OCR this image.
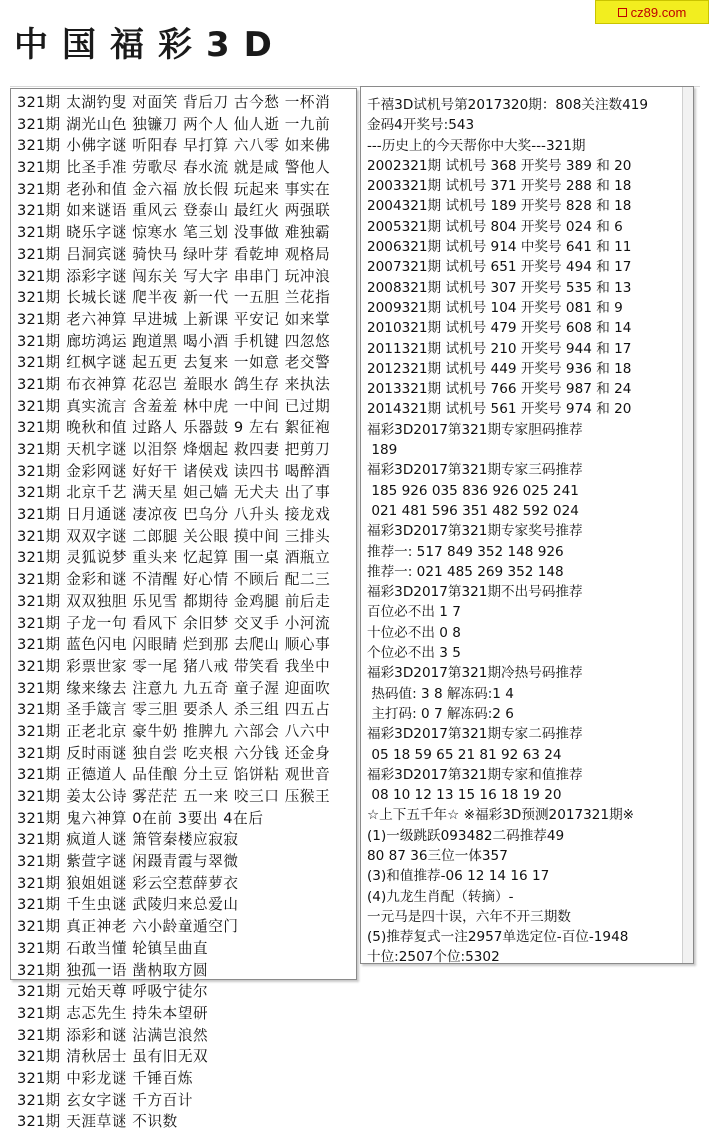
cz89.com
中国福彩3D
321期 太湖钓叟 对面笑 背后刀 古今愁 一杯消
321期 湖光山色 独镰刀 两个人 仙人逝 一九前
321期 小佛字谜 听阳春 早打算 六八零 如来佛
321期 比圣手准 劳歌尽 春水流 就是咸 警他人
321期 老孙和值 金六福 放长假 玩起来 事实在
321期 如来谜语 重风云 登泰山 最红火 两强联
321期 晓乐字谜 惊寒水 笔三划 没事做 难独霸
321期 吕洞宾谜 骑快马 绿叶芽 看乾坤 观格局
321期 添彩字谜 闯东关 写大字 串串门 玩冲浪
321期 长城长谜 爬半夜 新一代 一五胆 兰花指
321期 老六神算 早进城 上新课 平安记 如来掌
321期 廊坊鸿运 跑道黑 喝小酒 手机键 四忽悠
321期 红枫字谜 起五更 去复来 一如意 老交警
321期 布衣神算 花忍岂 羞眼水 鸽生存 来执法
321期 真实流言 含羞羞 林中虎 一中间 已过期
321期 晚秋和值 过路人 乐器鼓 9 左右 絮征袍
321期 天机字谜 以泪祭 烽烟起 救四妻 把剪刀
321期 金彩网谜 好好干 诸侯戏 读四书 喝醉酒
321期 北京千艺 满天星 妲己嫱 无犬夫 出了事
321期 日月通谜 凄凉夜 巴乌分 八升头 接龙戏
321期 双双字谜 二郎腿 关公眼 摸中间 三排头
321期 灵狐说梦 重头来 忆起算 围一桌 酒瓶立
321期 金彩和谜 不清醒 好心情 不顾后 配二三
321期 双双独胆 乐见雪 都期待 金鸡腿 前后走
321期 子龙一句 看风下 余旧梦 交叉手 小河流
321期 蓝色闪电 闪眼睛 烂到那 去爬山 顺心事
321期 彩票世家 零一尾 猪八戒 带笑看 我坐中
321期 缘来缘去 注意九 九五奇 童子渥 迎面吹
321期 圣手箴言 零三胆 要杀人 杀三组 四五占
321期 正老北京 豪牛奶 推脾九 六部会 八六中
321期 反时雨谜 独自尝 吃夹根 六分钱 还金身
321期 正德道人 品佳酿 分土豆 馅饼粘 观世音
321期 姜太公诗 雾茫茫 五一来 咬三口 压猴王
321期 鬼六神算 0在前 3要出 4在后
321期 疯道人谜 箫管秦楼应寂寂
321期 紫萱字谜 闲蹑青霞与翠微
321期 狼姐姐谜 彩云空惹薛萝衣
321期 千生虫谜 武陵归来总爱山
321期 真正神老 六小龄童遁空门
321期 石敢当懂 轮镇呈曲直
321期 独孤一语 凿枘取方圆
321期 元始天尊 呼吸宁徒尔
321期 志忑先生 持朱本望研
321期 添彩和谜 沾满岂浪然
321期 清秋居士 虽有旧无双
321期 中彩龙谜 千锤百炼
321期 玄女字谜 千方百计
321期 天涯草谜 不识数
千禧3D试机号第2017320期：808关注数419
金码4开奖号:543
---历史上的今天帮你中大奖---321期
2002321期 试机号 368 开奖号 389 和 20
2003321期 试机号 371 开奖号 288 和 18
2004321期 试机号 189 开奖号 828 和 18
2005321期 试机号 804 开奖号 024 和 6
2006321期 试机号 914 中奖号 641 和 11
2007321期 试机号 651 开奖号 494 和 17
2008321期 试机号 307 开奖号 535 和 13
2009321期 试机号 104 开奖号 081 和 9
2010321期 试机号 479 开奖号 608 和 14
2011321期 试机号 210 开奖号 944 和 17
2012321期 试机号 449 开奖号 936 和 18
2013321期 试机号 766 开奖号 987 和 24
2014321期 试机号 561 开奖号 974 和 20
福彩3D2017第321期专家胆码推荐
189
福彩3D2017第321期专家三码推荐
185 926 035 836 926 025 241
021 481 596 351 482 592 024
福彩3D2017第321期专家奖号推荐
推荐一: 517 849 352 148 926
推荐一: 021 485 269 352 148
福彩3D2017第321期不出号码推荐
百位必不出 1 7
十位必不出 0 8
个位必不出 3 5
福彩3D2017第321期冷热号码推荐
热码值: 3 8 解冻码:1 4
主打码: 0 7 解冻码:2 6
福彩3D2017第321期专家二码推荐
05 18 59 65 21 81 92 63 24
福彩3D2017第321期专家和值推荐
08 10 12 13 15 16 18 19 20
☆上下五千年☆ ※福彩3D预测2017321期※
(1)一级跳跃093482二码推荐49
80 87 36三位一体357
(3)和值推荐-06 12 14 16 17
(4)九龙生肖配（转摘）-
一元马是四十误，六年不开三期数
(5)推荐复式一注2957单选定位-百位-1948
十位:2507个位:5302
